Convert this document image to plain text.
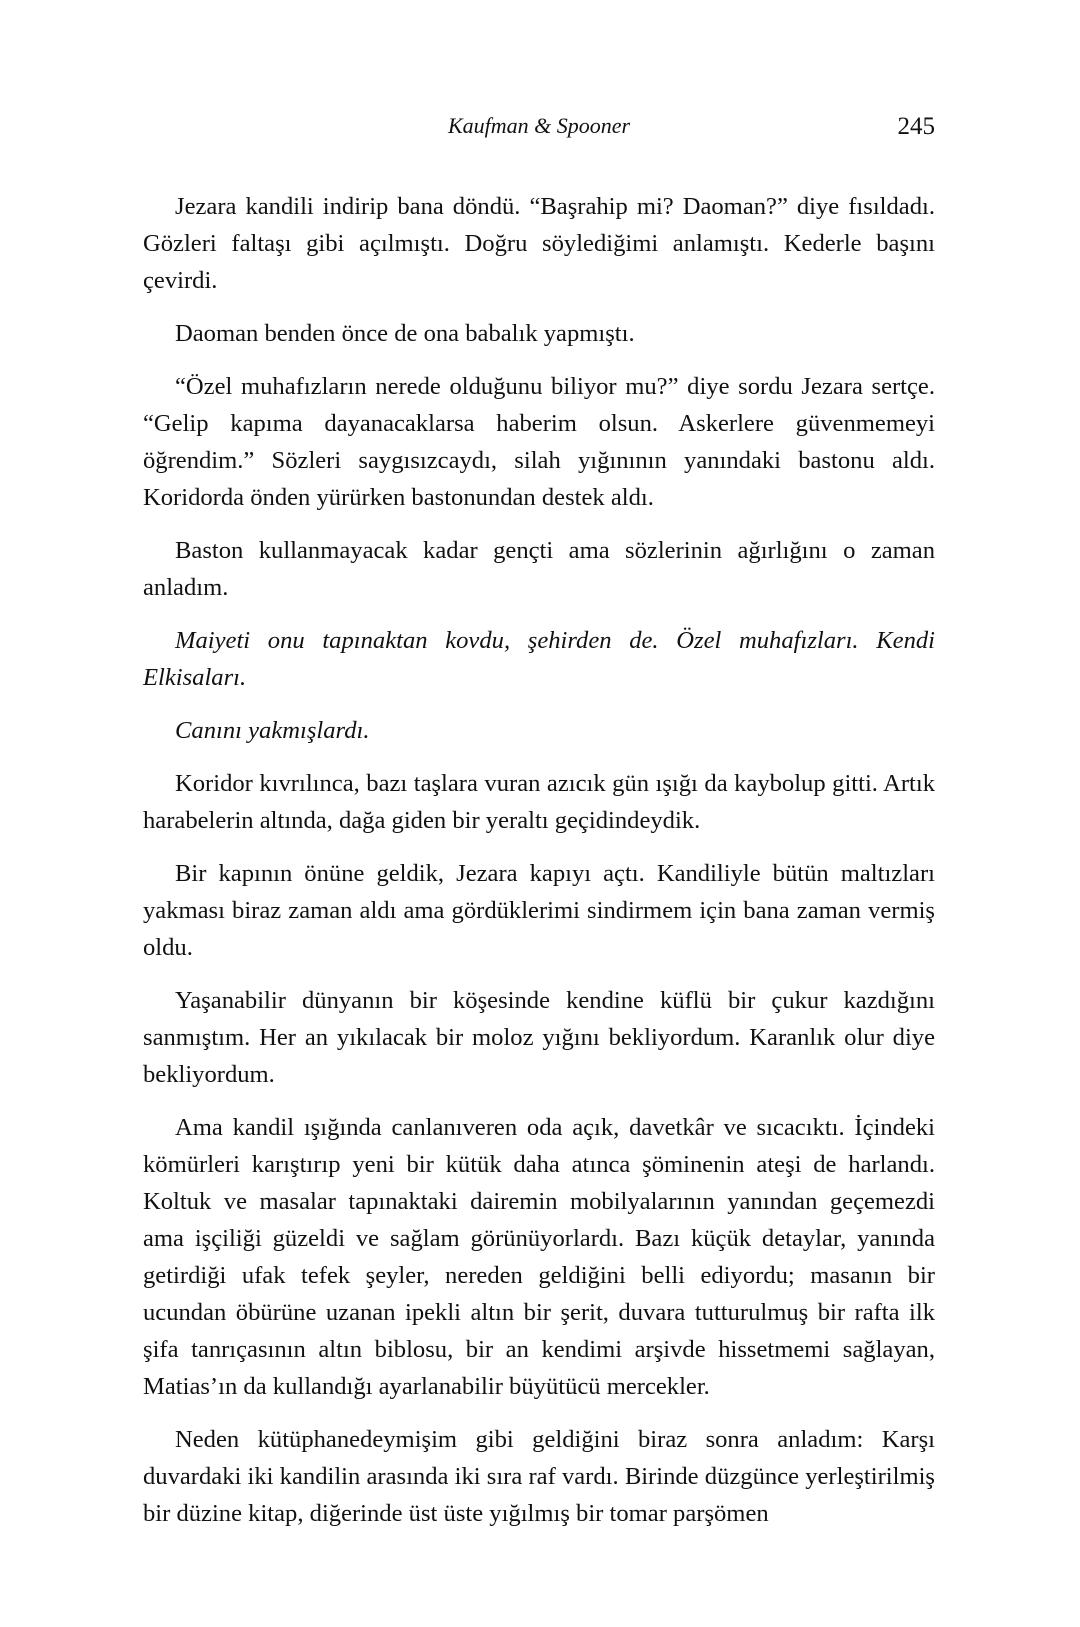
Kaufman & Spooner	245

Jezara kandili indirip bana döndü. “Başrahip mi? Daoman?” diye fısıldadı. Gözleri faltaşı gibi açılmıştı. Doğru söylediğimi anlamıştı. Kederle başını çevirdi.

Daoman benden önce de ona babalık yapmıştı.

“Özel muhafızların nerede olduğunu biliyor mu?” diye sordu Jezara sertçe. “Gelip kapıma dayanacaklarsa haberim olsun. Askerlere güvenmemeyi öğrendim.” Sözleri saygısızcaydı, silah yığınının yanındaki bastonu aldı. Koridorda önden yürürken bastonundan destek aldı.

Baston kullanmayacak kadar gençti ama sözlerinin ağırlığını o zaman anladım.

Maiyeti onu tapınaktan kovdu, şehirden de. Özel muhafızları. Kendi Elkisaları.

Canını yakmışlardı.

Koridor kıvrılınca, bazı taşlara vuran azıcık gün ışığı da kaybolup gitti. Artık harabelerin altında, dağa giden bir yeraltı geçidindeydik.

Bir kapının önüne geldik, Jezara kapıyı açtı. Kandiliyle bütün maltızları yakması biraz zaman aldı ama gördüklerimi sindirmem için bana zaman vermiş oldu.

Yaşanabilir dünyanın bir köşesinde kendine küflü bir çukur kazdığını sanmıştım. Her an yıkılacak bir moloz yığını bekliyordum. Karanlık olur diye bekliyordum.

Ama kandil ışığında canlanıveren oda açık, davetkâr ve sıcacıktı. İçindeki kömürleri karıştırıp yeni bir kütük daha atınca şöminenin ateşi de harlandı. Koltuk ve masalar tapınaktaki dairemin mobilyalarının yanından geçemezdi ama işçiliği güzeldi ve sağlam görünüyorlardı. Bazı küçük detaylar, yanında getirdiği ufak tefek şeyler, nereden geldiğini belli ediyordu; masanın bir ucundan öbürüne uzanan ipekli altın bir şerit, duvara tutturulmuş bir rafta ilk şifa tanrıçasının altın biblosu, bir an kendimi arşivde hissetmemi sağlayan, Matias’ın da kullandığı ayarlanabilir büyütücü mercekler.

Neden kütüphanedeymişim gibi geldiğini biraz sonra anladım: Karşı duvardaki iki kandilin arasında iki sıra raf vardı. Birinde düzgünce yerleştirilmiş bir düzine kitap, diğerinde üst üste yığılmış bir tomar parşömen
